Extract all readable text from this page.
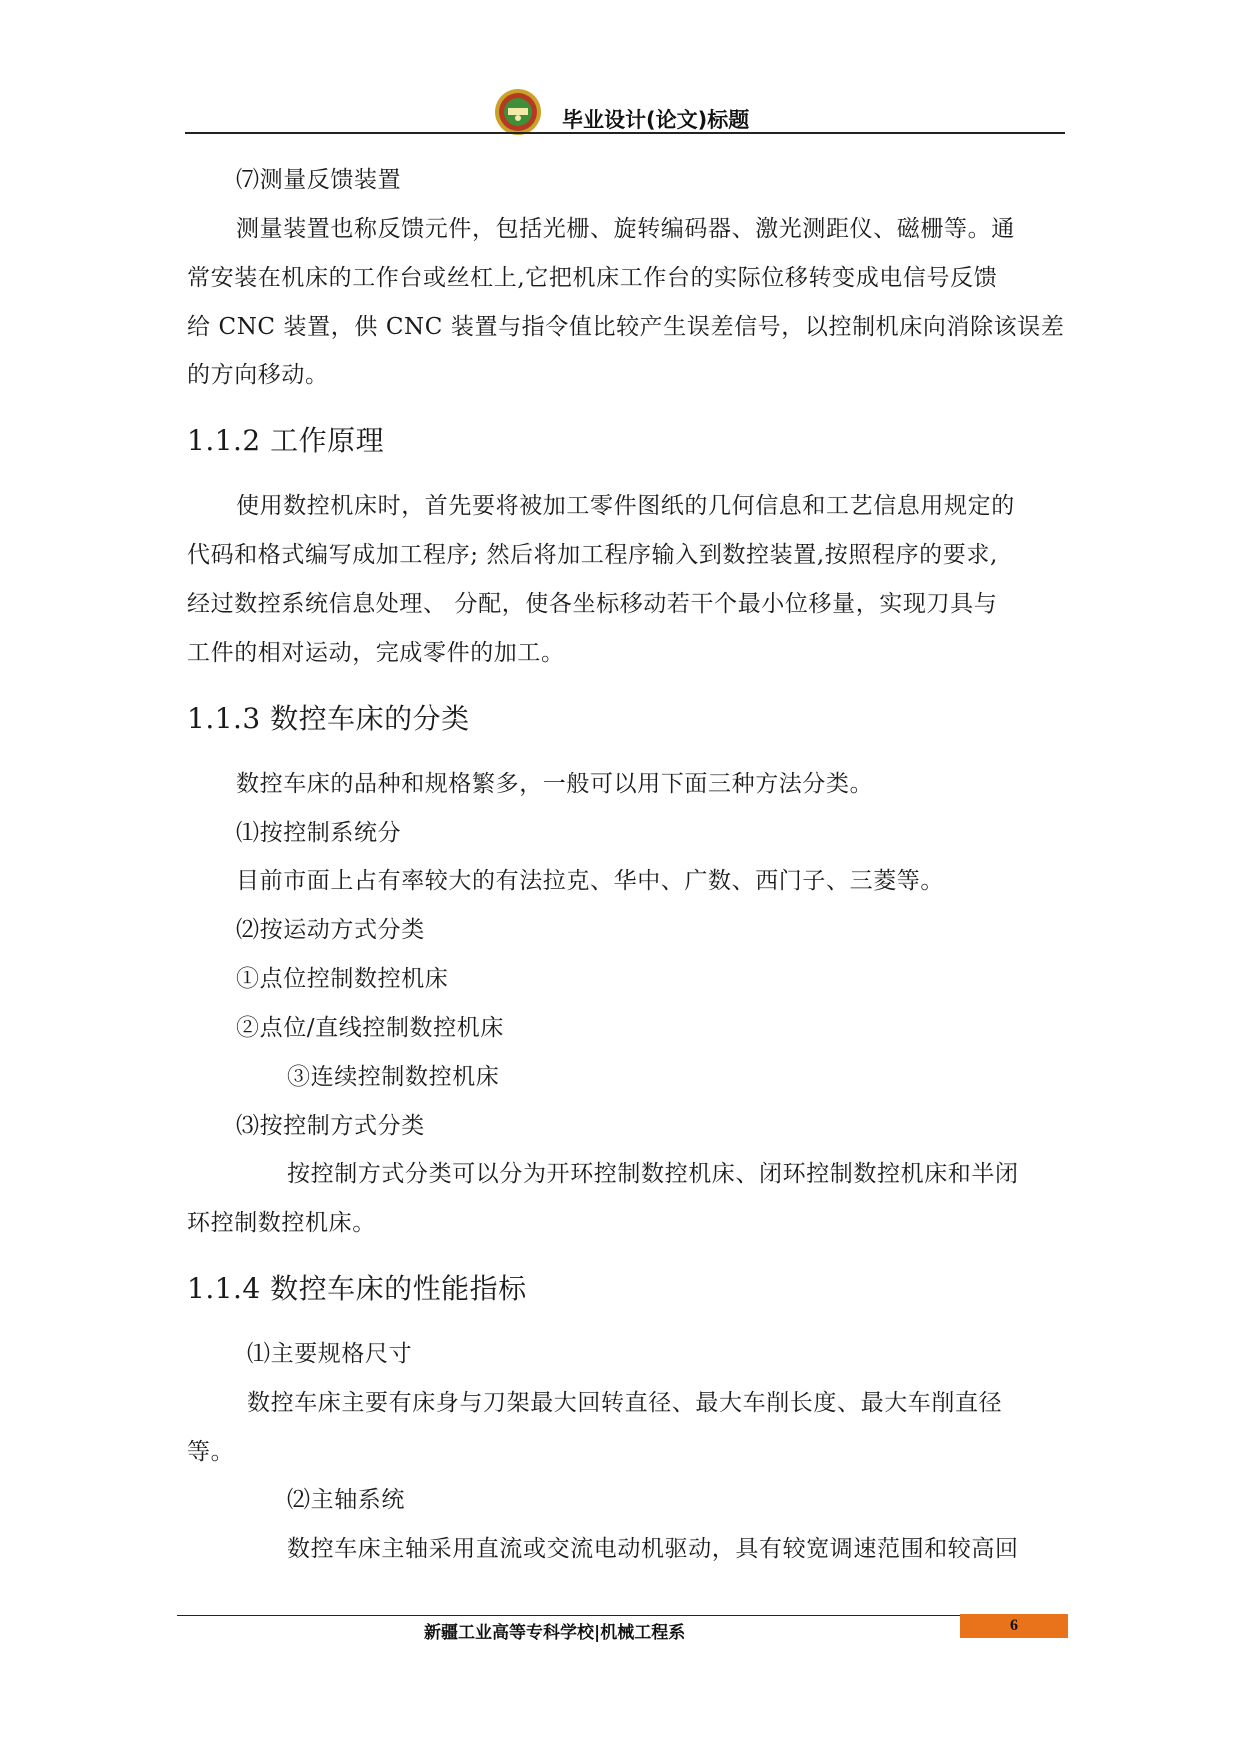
毕业设计(论文)标题
⑺测量反馈装置
测量装置也称反馈元件，包括光栅、旋转编码器、激光测距仪、磁栅等。通
常安装在机床的工作台或丝杠上,它把机床工作台的实际位移转变成电信号反馈
给 CNC 装置，供 CNC 装置与指令值比较产生误差信号，以控制机床向消除该误差
的方向移动。
1.1.2 工作原理
使用数控机床时，首先要将被加工零件图纸的几何信息和工艺信息用规定的
代码和格式编写成加工程序; 然后将加工程序输入到数控装置,按照程序的要求,
经过数控系统信息处理、 分配，使各坐标移动若干个最小位移量，实现刀具与
工件的相对运动，完成零件的加工。
1.1.3 数控车床的分类
数控车床的品种和规格繁多，一般可以用下面三种方法分类。
⑴按控制系统分
目前市面上占有率较大的有法拉克、华中、广数、西门子、三菱等。
⑵按运动方式分类
①点位控制数控机床
②点位/直线控制数控机床
③连续控制数控机床
⑶按控制方式分类
按控制方式分类可以分为开环控制数控机床、闭环控制数控机床和半闭
环控制数控机床。
1.1.4 数控车床的性能指标
⑴主要规格尺寸
数控车床主要有床身与刀架最大回转直径、最大车削长度、最大车削直径
等。
⑵主轴系统
数控车床主轴采用直流或交流电动机驱动，具有较宽调速范围和较高回
新疆工业高等专科学校|机械工程系	6
